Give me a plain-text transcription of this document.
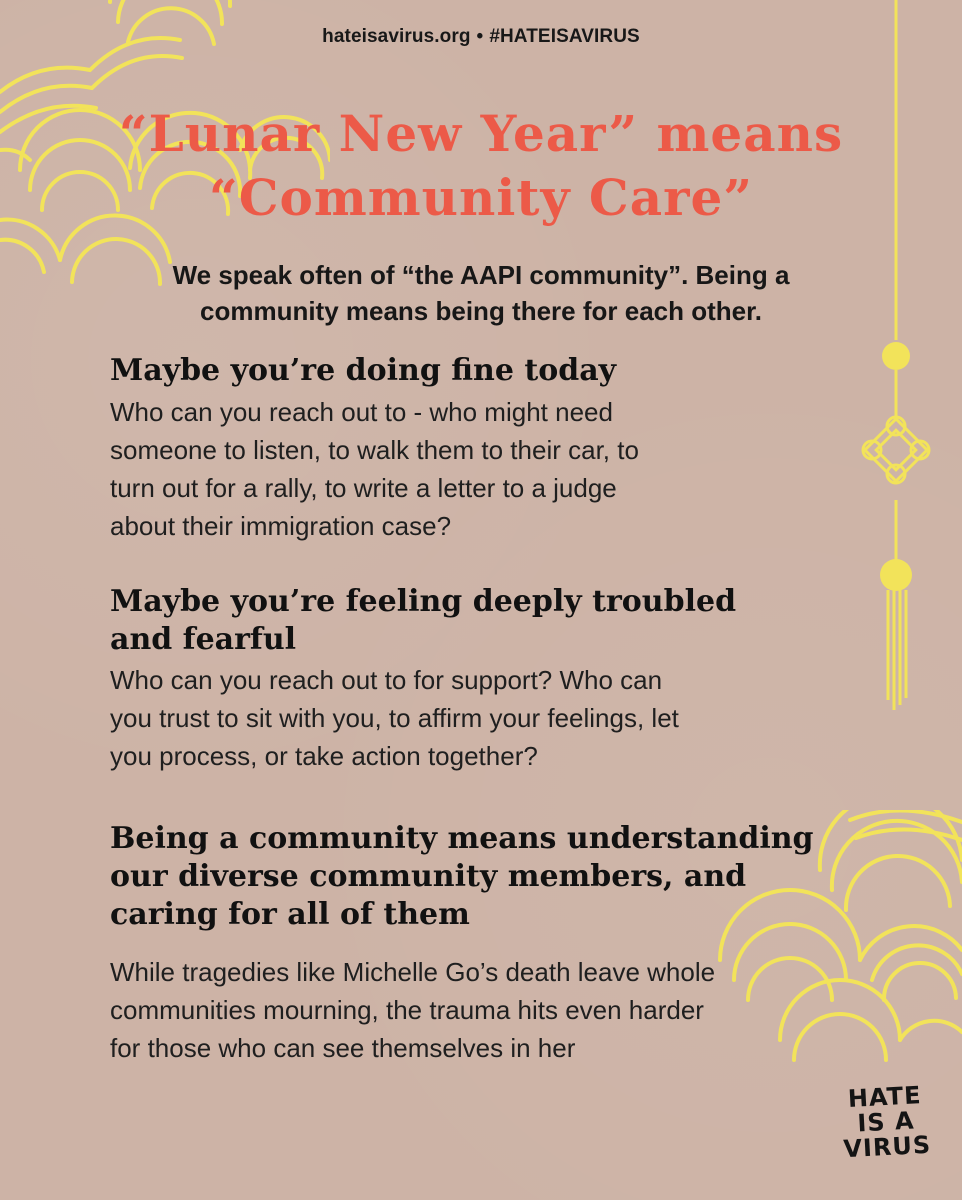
hateisavirus.org • #HATEISAVIRUS
“Lunar New Year” means
“Community Care”
We speak often of “the AAPI community”. Being a
community means being there for each other.
Maybe you’re doing fine today
Who can you reach out to - who might need
someone to listen, to walk them to their car, to
turn out for a rally, to write a letter to a judge
about their immigration case?
Maybe you’re feeling deeply troubled
and fearful
Who can you reach out to for support? Who can
you trust to sit with you, to affirm your feelings, let
you process, or take action together?
Being a community means understanding
our diverse community members, and
caring for all of them
While tragedies like Michelle Go’s death leave whole
communities mourning, the trauma hits even harder
for those who can see themselves in her
HATE
IS A
VIRUS
